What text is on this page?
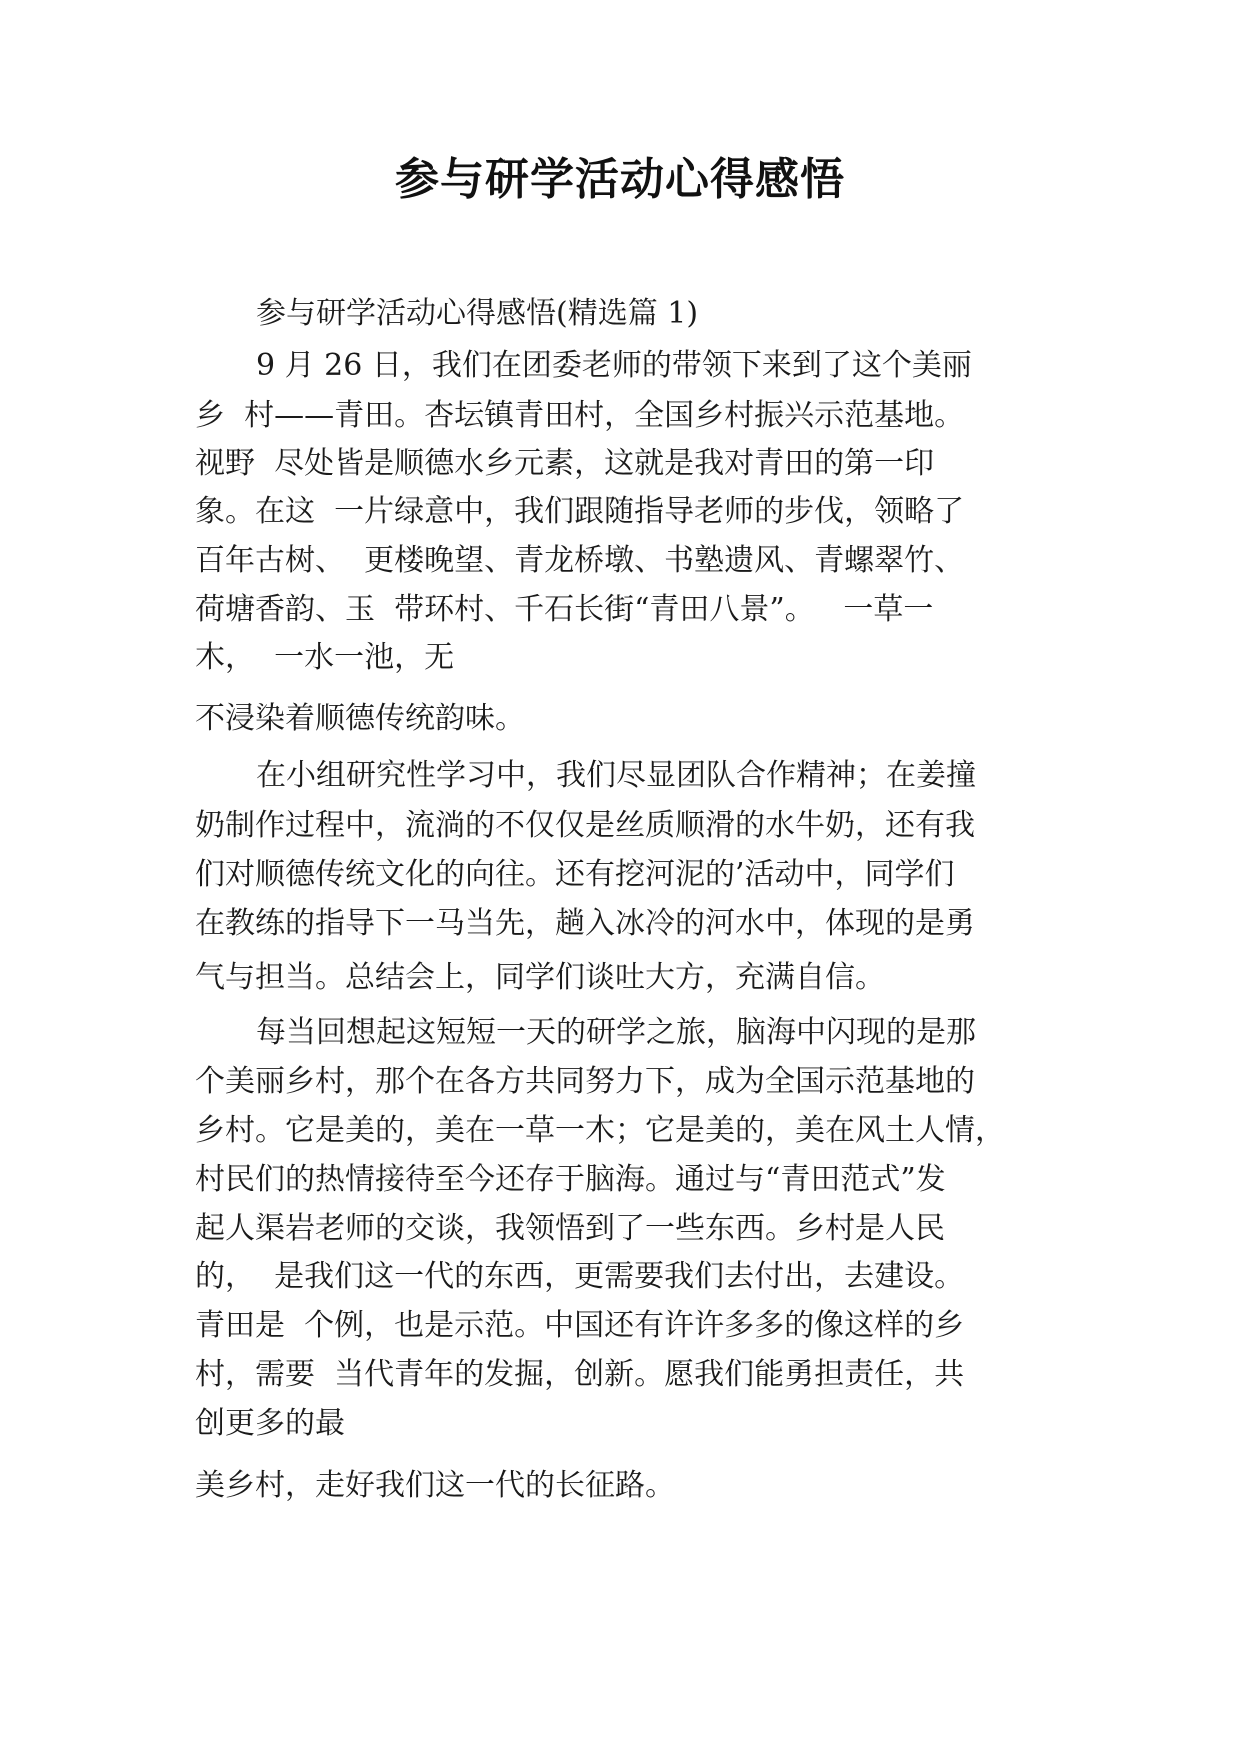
参与研学活动心得感悟
参与研学活动心得感悟(精选篇 1)
9 月 26 日，我们在团委老师的带领下来到了这个美丽
乡  村——青田。杏坛镇青田村，全国乡村振兴示范基地。
视野  尽处皆是顺德水乡元素，这就是我对青田的第一印
象。在这  一片绿意中，我们跟随指导老师的步伐，领略了
百年古树、  更楼晚望、青龙桥墩、书塾遗风、青螺翠竹、
荷塘香韵、玉  带环村、千石长街“青田八景”。   一草一
木，  一水一池，无
不浸染着顺德传统韵味。
在小组研究性学习中，我们尽显团队合作精神；在姜撞
奶制作过程中，流淌的不仅仅是丝质顺滑的水牛奶，还有我
们对顺德传统文化的向往。还有挖河泥的’活动中，同学们
在教练的指导下一马当先，趟入冰冷的河水中，体现的是勇
气与担当。总结会上，同学们谈吐大方，充满自信。
每当回想起这短短一天的研学之旅，脑海中闪现的是那
个美丽乡村，那个在各方共同努力下，成为全国示范基地的
乡村。它是美的，美在一草一木；它是美的，美在风土人情，
村民们的热情接待至今还存于脑海。通过与“青田范式”发
起人渠岩老师的交谈，我领悟到了一些东西。乡村是人民
的，  是我们这一代的东西，更需要我们去付出，去建设。
青田是  个例，也是示范。中国还有许许多多的像这样的乡
村，需要  当代青年的发掘，创新。愿我们能勇担责任，共
创更多的最
美乡村，走好我们这一代的长征路。
